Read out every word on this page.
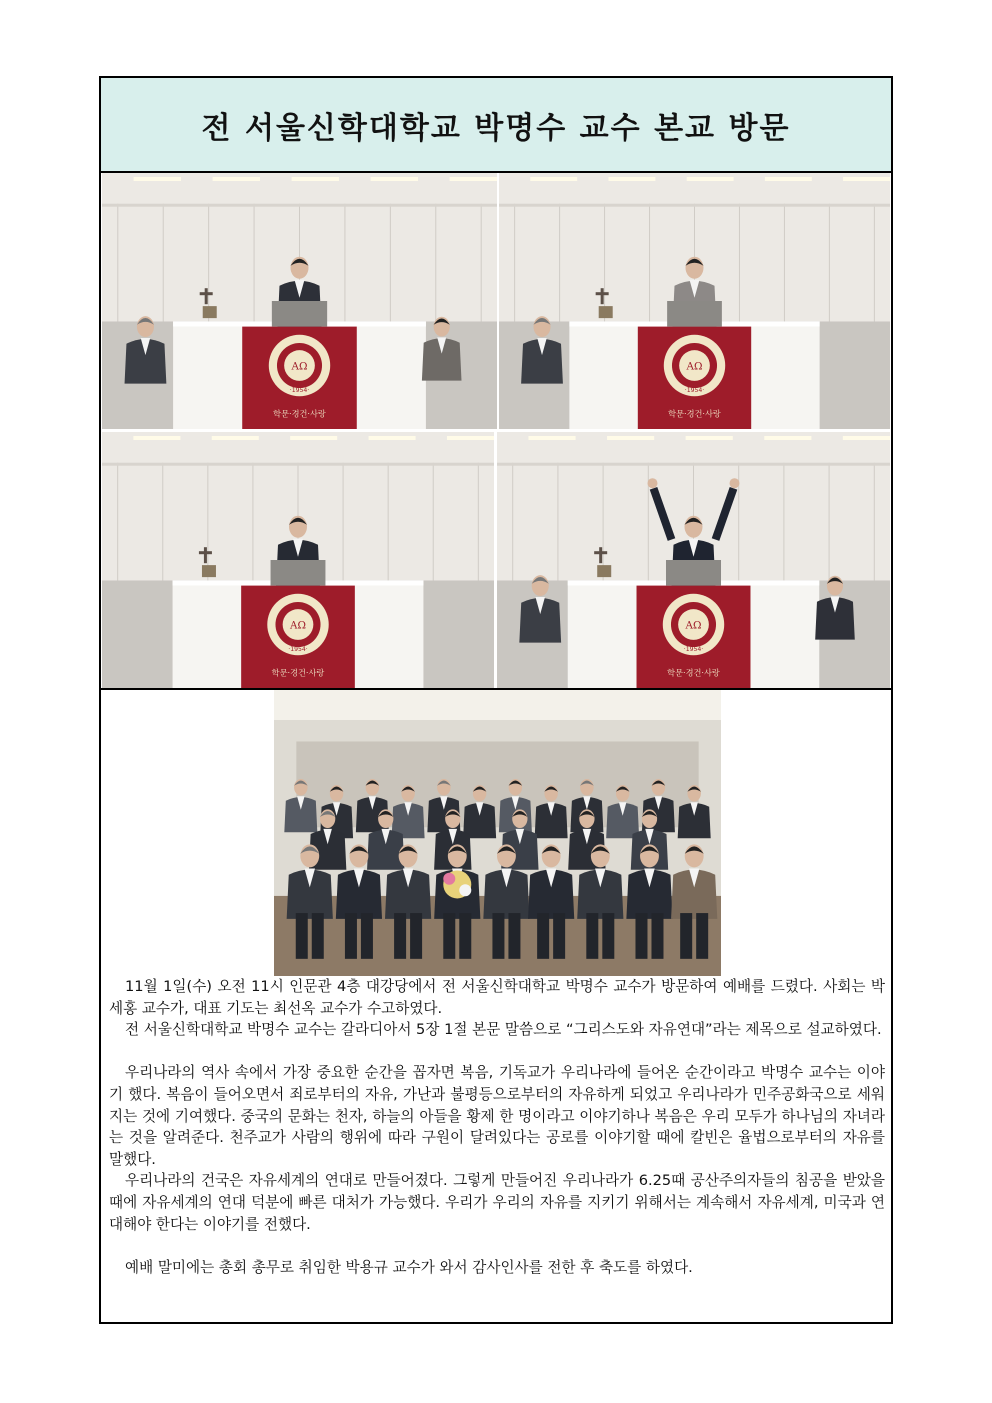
전 서울신학대학교 박명수 교수 본교 방문
AΩ
·1954·
학문·경건·사랑
AΩ
·1954·
학문·경건·사랑
AΩ
·1954·
학문·경건·사랑
AΩ
·1954·
학문·경건·사랑

11월 1일(수) 오전 11시 인문관 4층 대강당에서 전 서울신학대학교 박명수 교수가 방문하여 예배를 드렸다. 사회는 박세홍 교수가, 대표 기도는 최선옥 교수가 수고하였다.

전 서울신학대학교 박명수 교수는 갈라디아서 5장 1절 본문 말씀으로 “그리스도와 자유연대”라는 제목으로 설교하였다.

우리나라의 역사 속에서 가장 중요한 순간을 꼽자면 복음, 기독교가 우리나라에 들어온 순간이라고 박명수 교수는 이야기 했다. 복음이 들어오면서 죄로부터의 자유, 가난과 불평등으로부터의 자유하게 되었고 우리나라가 민주공화국으로 세워지는 것에 기여했다. 중국의 문화는 천자, 하늘의 아들을 황제 한 명이라고 이야기하나 복음은 우리 모두가 하나님의 자녀라는 것을 알려준다. 천주교가 사람의 행위에 따라 구원이 달려있다는 공로를 이야기할 때에 칼빈은 율법으로부터의 자유를 말했다.

우리나라의 건국은 자유세계의 연대로 만들어졌다. 그렇게 만들어진 우리나라가 6.25때 공산주의자들의 침공을 받았을 때에 자유세계의 연대 덕분에 빠른 대처가 가능했다. 우리가 우리의 자유를 지키기 위해서는 계속해서 자유세계, 미국과 연대해야 한다는 이야기를 전했다.

예배 말미에는 총회 총무로 취임한 박용규 교수가 와서 감사인사를 전한 후 축도를 하였다.
